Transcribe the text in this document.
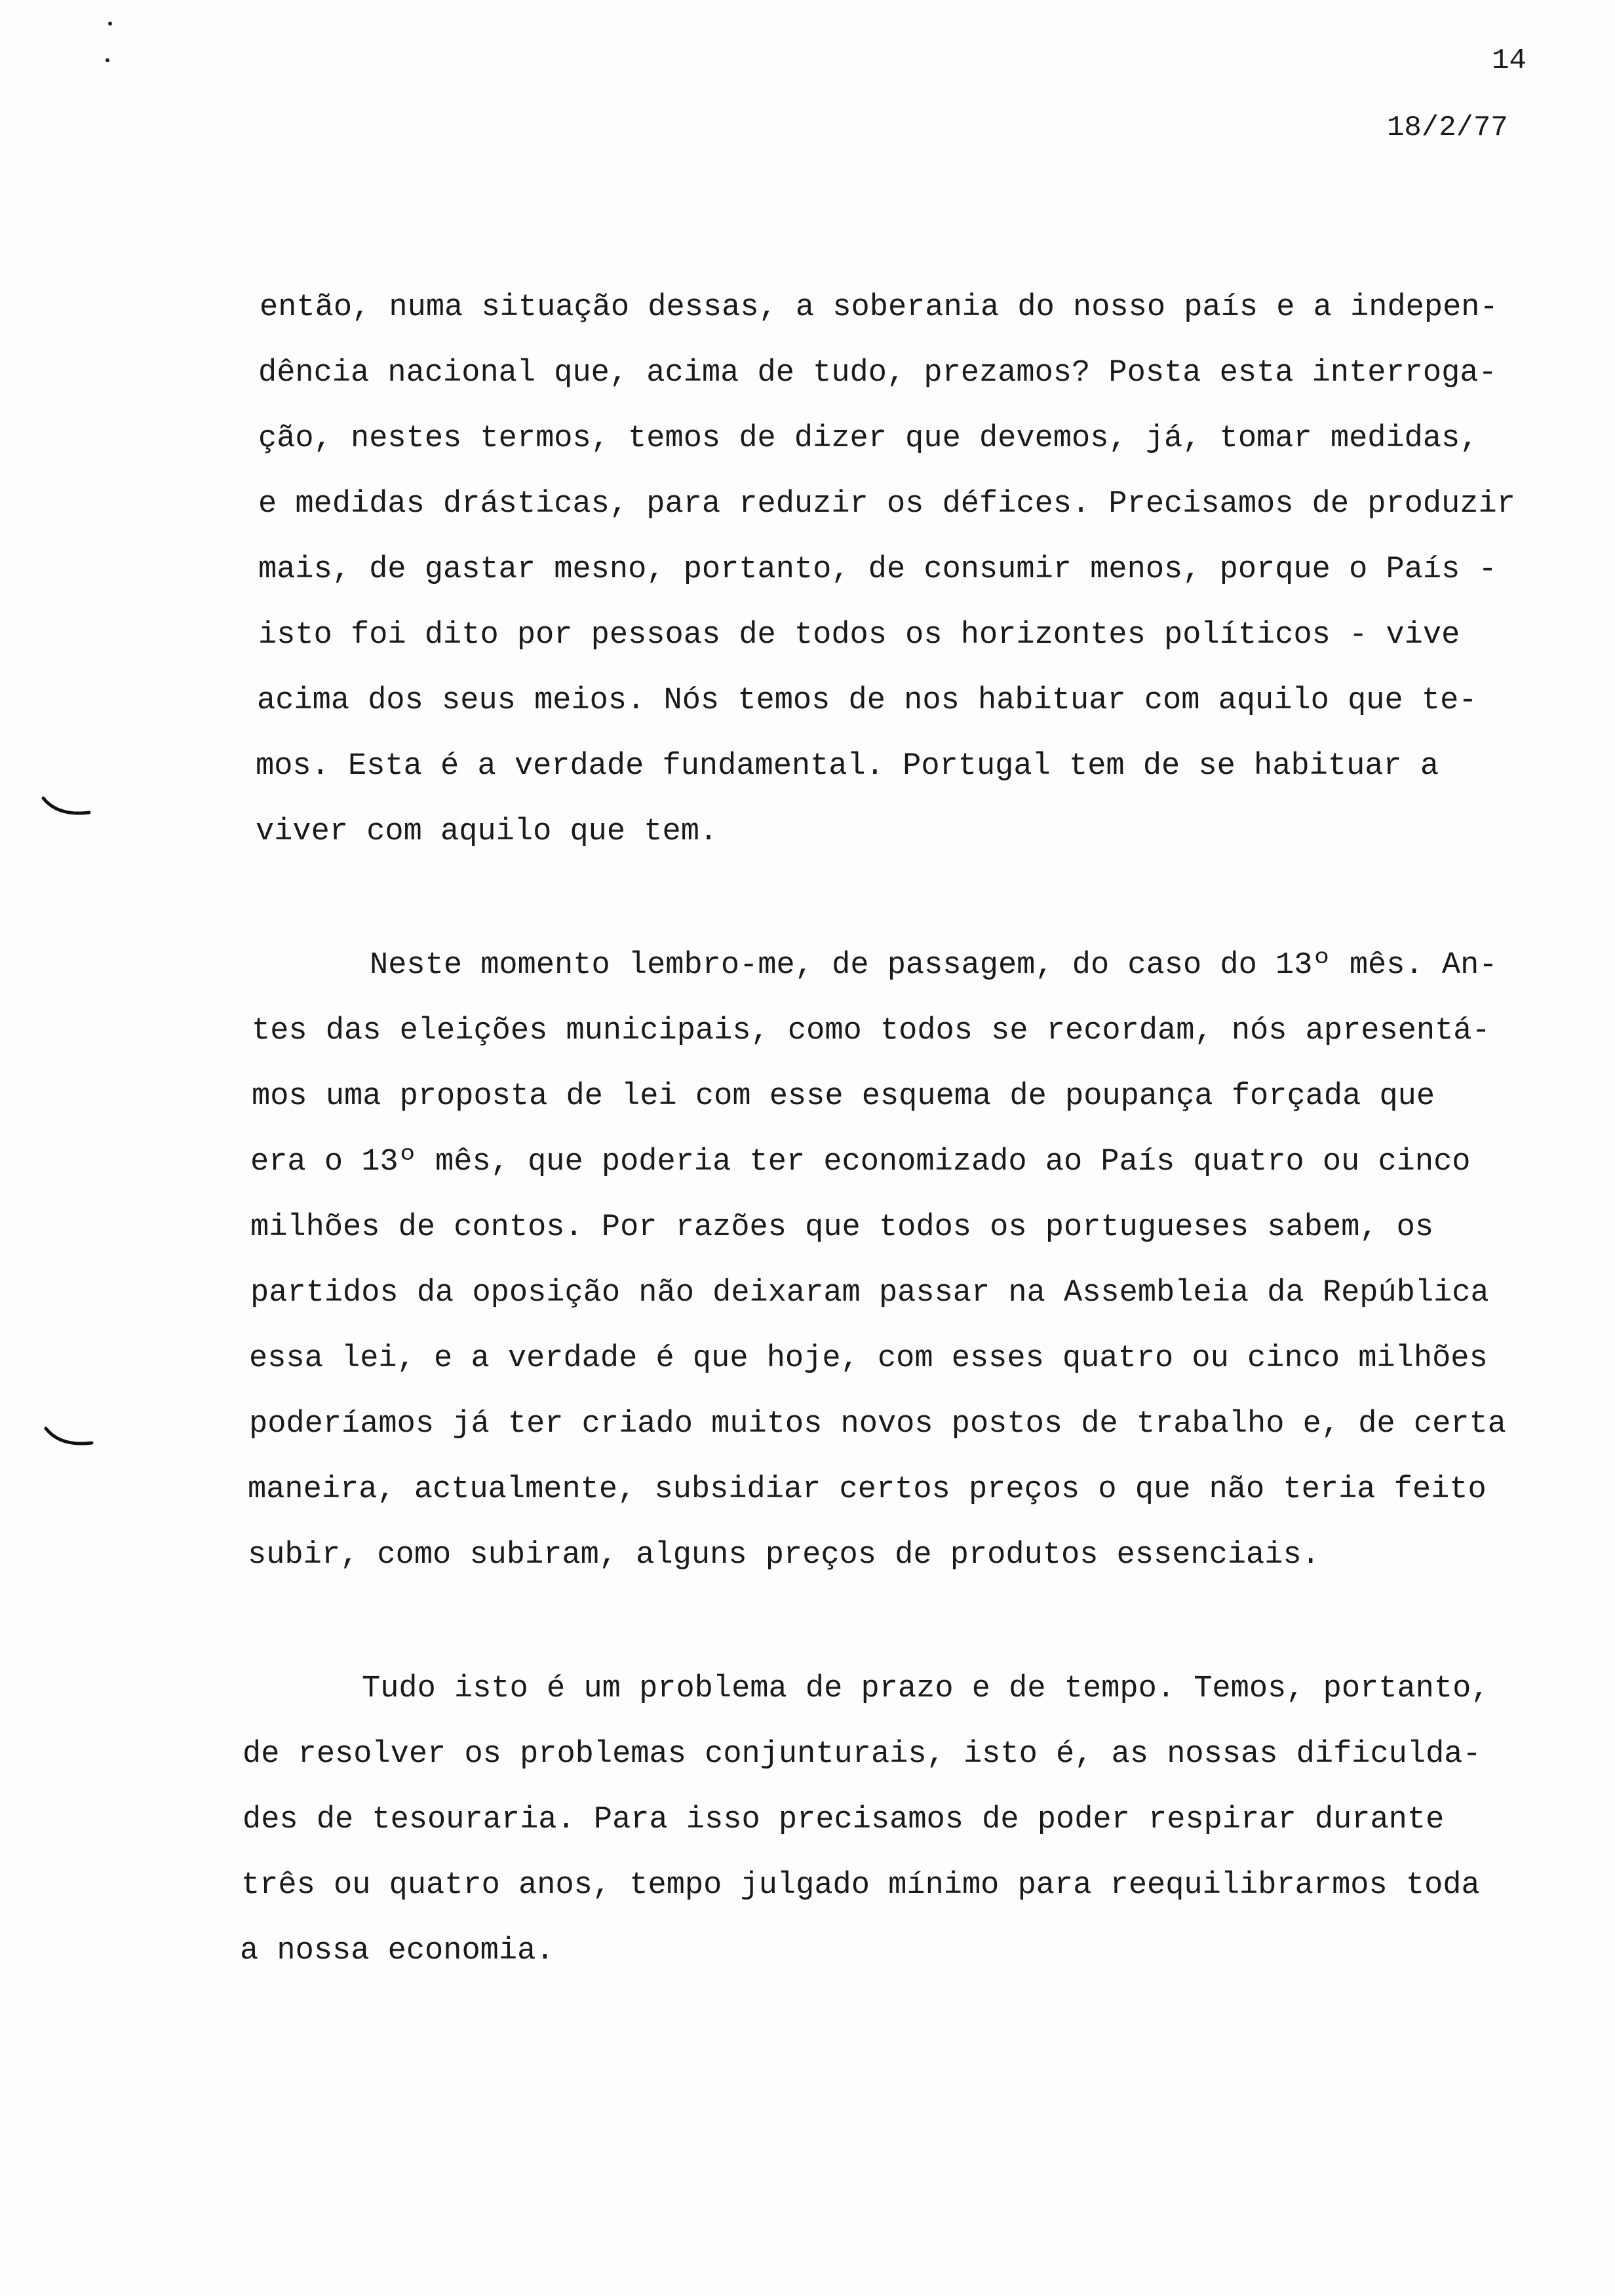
14
18/2/77
então, numa situação dessas, a soberania do nosso país e a indepen-
dência nacional que, acima de tudo, prezamos? Posta esta interroga-
ção, nestes termos, temos de dizer que devemos, já, tomar medidas,
e medidas drásticas, para reduzir os défices. Precisamos de produzir
mais, de gastar mesno, portanto, de consumir menos, porque o País -
isto foi dito por pessoas de todos os horizontes políticos - vive
acima dos seus meios. Nós temos de nos habituar com aquilo que te-
mos. Esta é a verdade fundamental. Portugal tem de se habituar a
viver com aquilo que tem.
Neste momento lembro-me, de passagem, do caso do 13º mês. An-
tes das eleições municipais, como todos se recordam, nós apresentá-
mos uma proposta de lei com esse esquema de poupança forçada que
era o 13º mês, que poderia ter economizado ao País quatro ou cinco
milhões de contos. Por razões que todos os portugueses sabem, os
partidos da oposição não deixaram passar na Assembleia da República
essa lei, e a verdade é que hoje, com esses quatro ou cinco milhões
poderíamos já ter criado muitos novos postos de trabalho e, de certa
maneira, actualmente, subsidiar certos preços o que não teria feito
subir, como subiram, alguns preços de produtos essenciais.
Tudo isto é um problema de prazo e de tempo. Temos, portanto,
de resolver os problemas conjunturais, isto é, as nossas dificulda-
des de tesouraria. Para isso precisamos de poder respirar durante
três ou quatro anos, tempo julgado mínimo para reequilibrarmos toda
a nossa economia.
